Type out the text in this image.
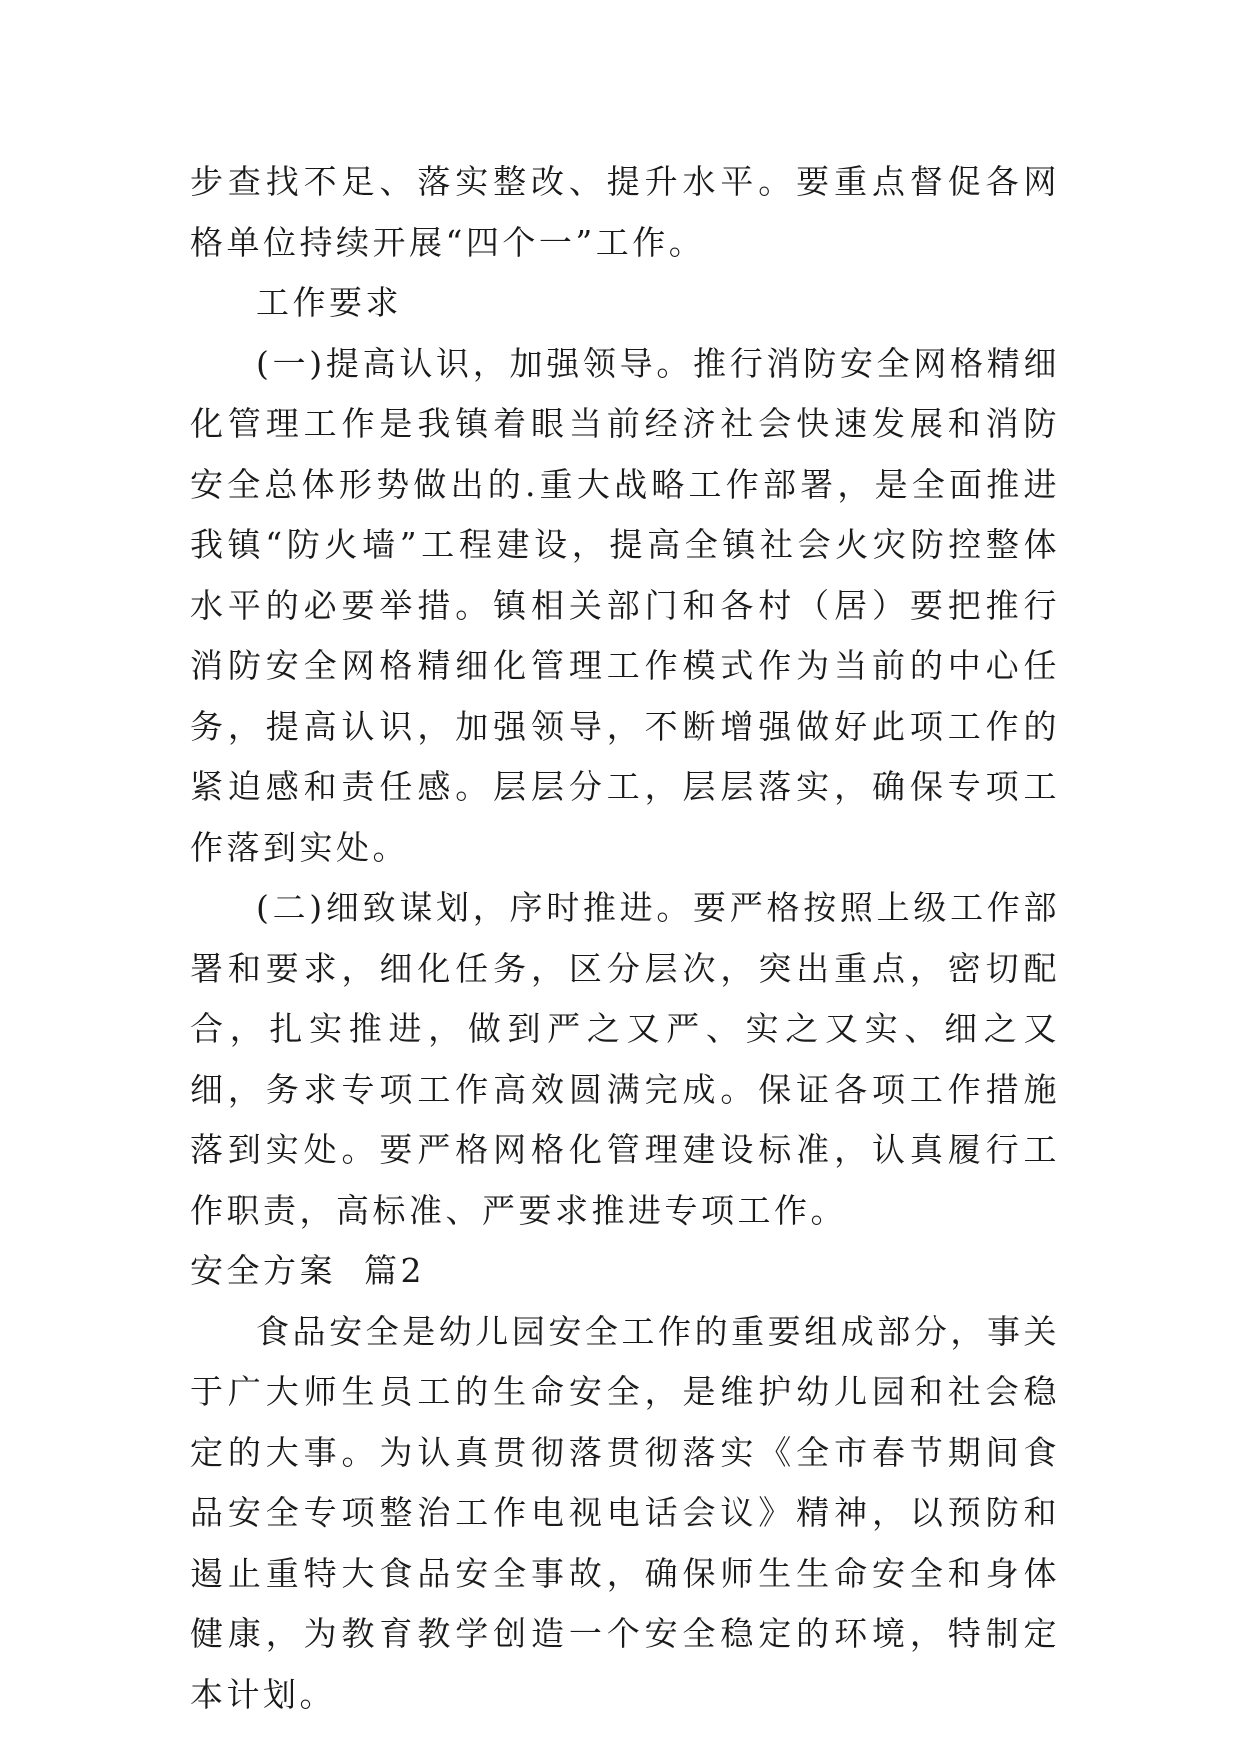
步查找不足、落实整改、提升水平。要重点督促各网格单位持续开展“四个一”工作。

工作要求

(一)提高认识，加强领导。推行消防安全网格精细化管理工作是我镇着眼当前经济社会快速发展和消防安全总体形势做出的.重大战略工作部署，是全面推进我镇“防火墙”工程建设，提高全镇社会火灾防控整体水平的必要举措。镇相关部门和各村（居）要把推行消防安全网格精细化管理工作模式作为当前的中心任务，提高认识，加强领导，不断增强做好此项工作的紧迫感和责任感。层层分工，层层落实，确保专项工作落到实处。

(二)细致谋划，序时推进。要严格按照上级工作部署和要求，细化任务，区分层次，突出重点，密切配合，扎实推进，做到严之又严、实之又实、细之又细，务求专项工作高效圆满完成。保证各项工作措施落到实处。要严格网格化管理建设标准，认真履行工作职责，高标准、严要求推进专项工作。

安全方案  篇2

食品安全是幼儿园安全工作的重要组成部分，事关于广大师生员工的生命安全，是维护幼儿园和社会稳定的大事。为认真贯彻落贯彻落实《全市春节期间食品安全专项整治工作电视电话会议》精神，以预防和遏止重特大食品安全事故，确保师生生命安全和身体健康，为教育教学创造一个安全稳定的环境，特制定本计划。
